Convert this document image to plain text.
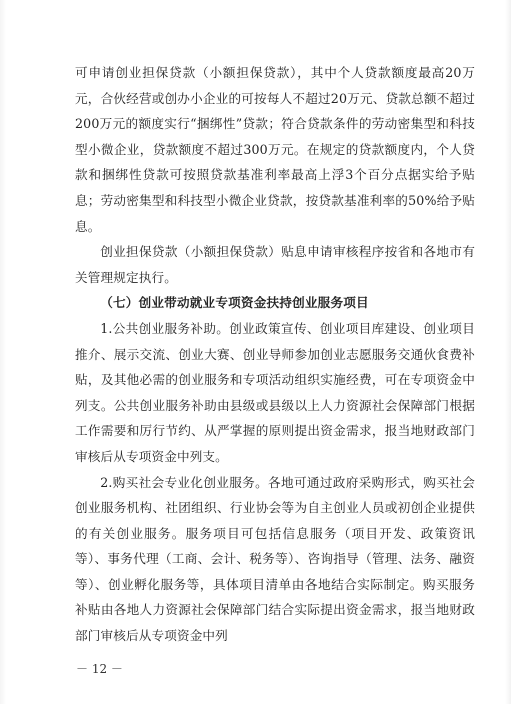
可申请创业担保贷款（小额担保贷款），其中个人贷款额度最高20万元，合伙经营或创办小企业的可按每人不超过20万元、贷款总额不超过200万元的额度实行“捆绑性”贷款；符合贷款条件的劳动密集型和科技型小微企业，贷款额度不超过300万元。在规定的贷款额度内，个人贷款和捆绑性贷款可按照贷款基准利率最高上浮3个百分点据实给予贴息；劳动密集型和科技型小微企业贷款，按贷款基准利率的50%给予贴息。

创业担保贷款（小额担保贷款）贴息申请审核程序按省和各地市有关管理规定执行。

（七）创业带动就业专项资金扶持创业服务项目

1.公共创业服务补助。创业政策宣传、创业项目库建设、创业项目推介、展示交流、创业大赛、创业导师参加创业志愿服务交通伙食费补贴，及其他必需的创业服务和专项活动组织实施经费，可在专项资金中列支。公共创业服务补助由县级或县级以上人力资源社会保障部门根据工作需要和厉行节约、从严掌握的原则提出资金需求，报当地财政部门审核后从专项资金中列支。

2.购买社会专业化创业服务。各地可通过政府采购形式，购买社会创业服务机构、社团组织、行业协会等为自主创业人员或初创企业提供的有关创业服务。服务项目可包括信息服务（项目开发、政策资讯等）、事务代理（工商、会计、税务等）、咨询指导（管理、法务、融资等）、创业孵化服务等，具体项目清单由各地结合实际制定。购买服务补贴由各地人力资源社会保障部门结合实际提出资金需求，报当地财政部门审核后从专项资金中列

－ 12 －
